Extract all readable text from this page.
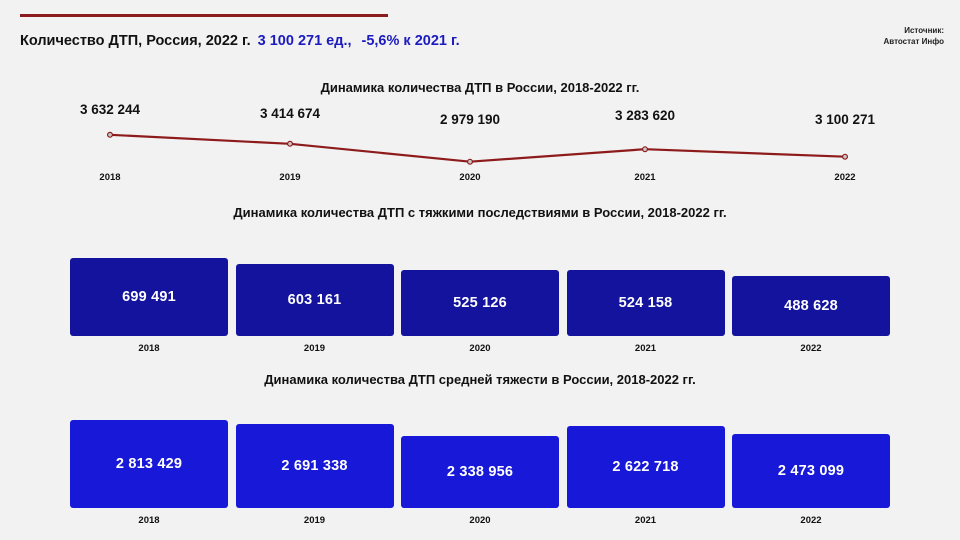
Источник:
Автостат Инфо
Количество ДТП, Россия, 2022 г. 3 100 271 ед., -5,6% к 2021 г.
Динамика количества ДТП в России, 2018-2022 гг.
3 632 244	3 414 674	2 979 190	3 283 620	3 100 271
2018	2019	2020	2021	2022
Динамика количества ДТП с тяжкими последствиями в России, 2018-2022 гг.
699 491
2018
603 161
2019
525 126
2020
524 158
2021
488 628
2022
Динамика количества ДТП средней тяжести в России, 2018-2022 гг.
2 813 429
2018
2 691 338
2019
2 338 956
2020
2 622 718
2021
2 473 099
2022
